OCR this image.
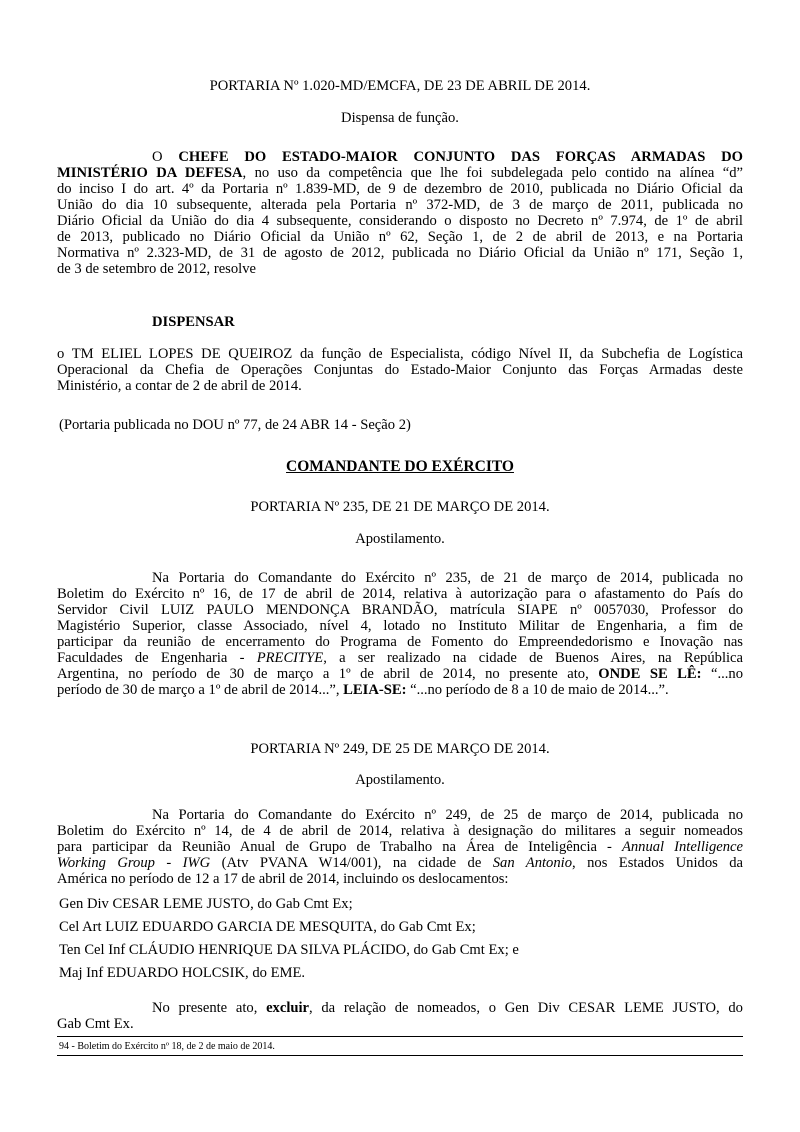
PORTARIA Nº 1.020-MD/EMCFA, DE 23 DE ABRIL DE 2014.
Dispensa de função.
O CHEFE DO ESTADO-MAIOR CONJUNTO DAS FORÇAS ARMADAS DO
MINISTÉRIO DA DEFESA, no uso da competência que lhe foi subdelegada pelo contido na alínea “d”
do inciso I do art. 4º da Portaria nº 1.839-MD, de 9 de dezembro de 2010, publicada no Diário Oficial da
União do dia 10 subsequente, alterada pela Portaria nº 372-MD, de 3 de março de 2011, publicada no
Diário Oficial da União do dia 4 subsequente, considerando o disposto no Decreto nº 7.974, de 1º de abril
de 2013, publicado no Diário Oficial da União nº 62, Seção 1, de 2 de abril de 2013, e na Portaria
Normativa nº 2.323-MD, de 31 de agosto de 2012, publicada no Diário Oficial da União nº 171, Seção 1,
de 3 de setembro de 2012, resolve
DISPENSAR
o TM ELIEL LOPES DE QUEIROZ da função de Especialista, código Nível II, da Subchefia de Logística
Operacional da Chefia de Operações Conjuntas do Estado-Maior Conjunto das Forças Armadas deste
Ministério, a contar de 2 de abril de 2014.
(Portaria publicada no DOU nº 77, de 24 ABR 14 - Seção 2)
COMANDANTE DO EXÉRCITO
PORTARIA Nº 235, DE 21 DE MARÇO DE 2014.
Apostilamento.
Na Portaria do Comandante do Exército nº 235, de 21 de março de 2014, publicada no
Boletim do Exército nº 16, de 17 de abril de 2014, relativa à autorização para o afastamento do País do
Servidor Civil LUIZ PAULO MENDONÇA BRANDÃO, matrícula SIAPE nº 0057030, Professor do
Magistério Superior, classe Associado, nível 4, lotado no Instituto Militar de Engenharia, a fim de
participar da reunião de encerramento do Programa de Fomento do Empreendedorismo e Inovação nas
Faculdades de Engenharia - PRECITYE, a ser realizado na cidade de Buenos Aires, na República
Argentina, no período de 30 de março a 1º de abril de 2014, no presente ato, ONDE SE LÊ: “...no
período de 30 de março a 1º de abril de 2014...”, LEIA-SE: “...no período de 8 a 10 de maio de 2014...”.
PORTARIA Nº 249, DE 25 DE MARÇO DE 2014.
Apostilamento.
Na Portaria do Comandante do Exército nº 249, de 25 de março de 2014, publicada no
Boletim do Exército nº 14, de 4 de abril de 2014, relativa à designação do militares a seguir nomeados
para participar da Reunião Anual de Grupo de Trabalho na Área de Inteligência - Annual Intelligence
Working Group - IWG (Atv PVANA W14/001), na cidade de San Antonio, nos Estados Unidos da
América no período de 12 a 17 de abril de 2014, incluindo os deslocamentos:
Gen Div CESAR LEME JUSTO, do Gab Cmt Ex;
Cel Art LUIZ EDUARDO GARCIA DE MESQUITA, do Gab Cmt Ex;
Ten Cel Inf CLÁUDIO HENRIQUE DA SILVA PLÁCIDO, do Gab Cmt Ex; e
Maj Inf EDUARDO HOLCSIK, do EME.
No presente ato, excluir, da relação de nomeados, o Gen Div CESAR LEME JUSTO, do
Gab Cmt Ex.
94 - Boletim do Exército nº 18, de 2 de maio de 2014.
